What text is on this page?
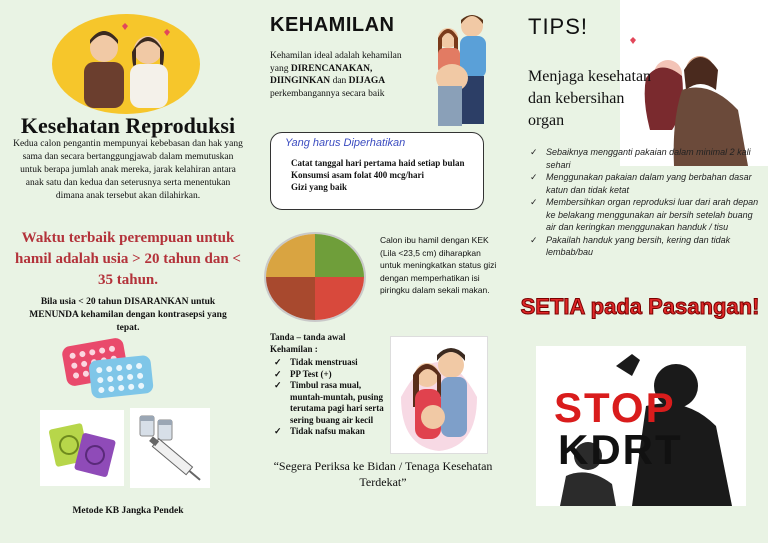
Kesehatan Reproduksi
Kedua calon pengantin mempunyai kebebasan dan hak yang sama dan secara bertanggungjawab dalam memutuskan untuk berapa jumlah anak mereka, jarak kelahiran antara anak satu dan kedua dan seterusnya serta menentukan dimana anak tersebut akan dilahirkan.
Waktu terbaik perempuan untuk hamil adalah usia > 20 tahun dan < 35 tahun.
Bila usia < 20 tahun DISARANKAN untuk MENUNDA kehamilan dengan kontrasepsi yang tepat.
Metode KB Jangka Pendek
KEHAMILAN
Kehamilan ideal adalah kehamilan yang DIRENCANAKAN, DIINGINKAN dan DIJAGA perkembangannya secara baik
Yang harus Diperhatikan
Catat tanggal hari pertama haid setiap bulan
Konsumsi asam folat 400 mcg/hari
Gizi yang baik
Calon ibu hamil dengan KEK (Lila <23,5 cm) diharapkan untuk meningkatkan status gizi dengan memperhatikan isi piringku dalam sekali makan.
Tanda – tanda awal Kehamilan :
✓ Tidak menstruasi
✓ PP Test (+)
✓ Timbul rasa mual, muntah-muntah, pusing terutama pagi hari serta sering buang air kecil
✓ Tidak nafsu makan
“Segera Periksa ke Bidan / Tenaga Kesehatan Terdekat”
TIPS!
Menjaga kesehatan dan kebersihan organ
✓ Sebaiknya mengganti pakaian dalam minimal 2 kali sehari
✓ Menggunakan pakaian dalam yang berbahan dasar katun dan tidak ketat
✓ Membersihkan organ reproduksi luar dari arah depan ke belakang menggunakan air bersih setelah buang air dan keringkan menggunakan handuk / tisu
✓ Pakailah handuk yang bersih, kering dan tidak lembab/bau
SETIA pada Pasangan!
STOP
KDRT
